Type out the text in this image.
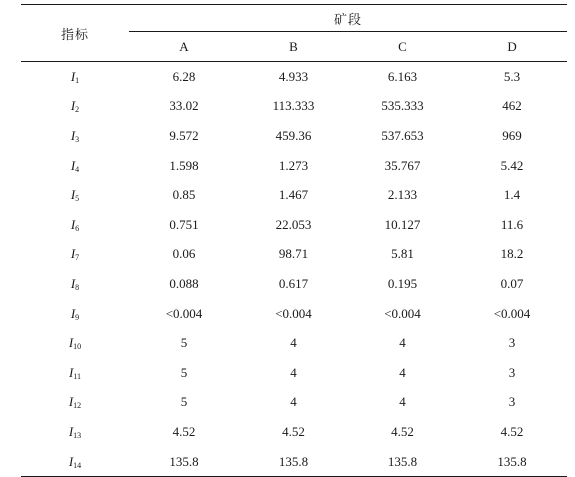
指标	矿段			
	A	B	C	D
$I_1$	6.28	4.933	6.163	5.3
$I_2$	33.02	113.333	535.333	462
$I_3$	9.572	459.36	537.653	969
$I_4$	1.598	1.273	35.767	5.42
$I_5$	0.85	1.467	2.133	1.4
$I_6$	0.751	22.053	10.127	11.6
$I_7$	0.06	98.71	5.81	18.2
$I_8$	0.088	0.617	0.195	0.07
$I_9$	<0.004	<0.004	<0.004	<0.004
$I_{10}$	5	4	4	3
$I_{11}$	5	4	4	3
$I_{12}$	5	4	4	3
$I_{13}$	4.52	4.52	4.52	4.52
$I_{14}$	135.8	135.8	135.8	135.8
